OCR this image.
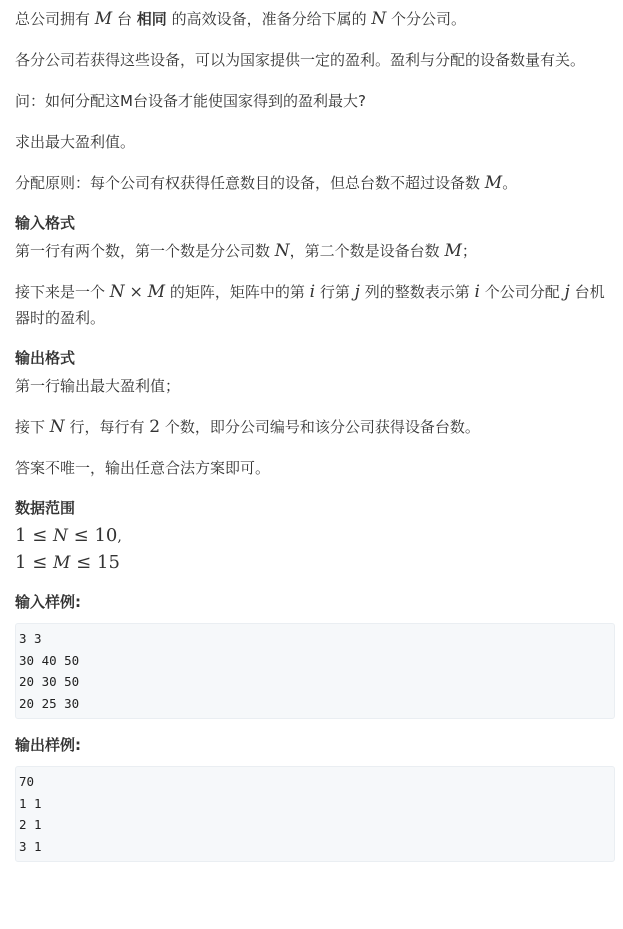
总公司拥有 M 台 相同 的高效设备，准备分给下属的 N 个分公司。

各分公司若获得这些设备，可以为国家提供一定的盈利。盈利与分配的设备数量有关。

问：如何分配这M台设备才能使国家得到的盈利最大?

求出最大盈利值。

分配原则：每个公司有权获得任意数目的设备，但总台数不超过设备数 M。

输入格式

第一行有两个数，第一个数是分公司数 N，第二个数是设备台数 M；

接下来是一个 N × M 的矩阵，矩阵中的第 i 行第 j 列的整数表示第 i 个公司分配 j 台机器时的盈利。

输出格式

第一行输出最大盈利值；

接下 N 行，每行有 2 个数，即分公司编号和该分公司获得设备台数。

答案不唯一，输出任意合法方案即可。

数据范围
1 ≤ N ≤ 10,
1 ≤ M ≤ 15
输入样例:
3 3
30 40 50
20 30 50
20 25 30
输出样例:
70
1 1
2 1
3 1
